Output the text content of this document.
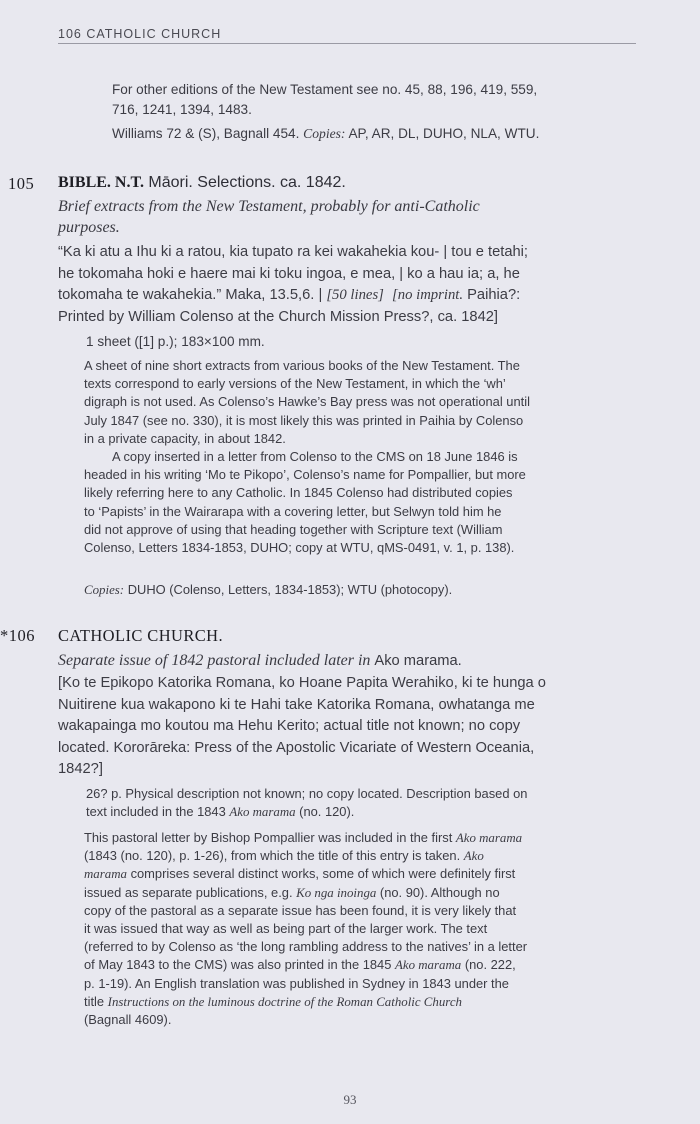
106 CATHOLIC CHURCH
For other editions of the New Testament see no. 45, 88, 196, 419, 559,
716, 1241, 1394, 1483.
Williams 72 & (S), Bagnall 454. Copies: AP, AR, DL, DUHO, NLA, WTU.
105 BIBLE. N.T. Māori. Selections. ca. 1842.
Brief extracts from the New Testament, probably for anti-Catholic
purposes.
“Ka ki atu a Ihu ki a ratou, kia tupato ra kei wakahekia kou- | tou e tetahi;
he tokomaha hoki e haere mai ki toku ingoa, e mea, | ko a hau ia; a, he
tokomaha te wakahekia.” Maka, 13.5,6. | [50 lines] [no imprint. Paihia?:
Printed by William Colenso at the Church Mission Press?, ca. 1842]
1 sheet ([1] p.); 183×100 mm.
A sheet of nine short extracts from various books of the New Testament. The
texts correspond to early versions of the New Testament, in which the ‘wh’
digraph is not used. As Colenso’s Hawke’s Bay press was not operational until
July 1847 (see no. 330), it is most likely this was printed in Paihia by Colenso
in a private capacity, in about 1842.
A copy inserted in a letter from Colenso to the CMS on 18 June 1846 is
headed in his writing ‘Mo te Pikopo’, Colenso’s name for Pompallier, but more
likely referring here to any Catholic. In 1845 Colenso had distributed copies
to ‘Papists’ in the Wairarapa with a covering letter, but Selwyn told him he
did not approve of using that heading together with Scripture text (William
Colenso, Letters 1834-1853, DUHO; copy at WTU, qMS-0491, v. 1, p. 138).
Copies: DUHO (Colenso, Letters, 1834-1853); WTU (photocopy).
*106 CATHOLIC CHURCH.
Separate issue of 1842 pastoral included later in Ako marama.
[Ko te Epikopo Katorika Romana, ko Hoane Papita Werahiko, ki te hunga o
Nuitirene kua wakapono ki te Hahi take Katorika Romana, owhatanga me
wakapainga mo koutou ma Hehu Kerito; actual title not known; no copy
located. Kororāreka: Press of the Apostolic Vicariate of Western Oceania,
1842?]
26? p. Physical description not known; no copy located. Description based on
text included in the 1843 Ako marama (no. 120).
This pastoral letter by Bishop Pompallier was included in the first Ako marama
(1843 (no. 120), p. 1-26), from which the title of this entry is taken. Ako
marama comprises several distinct works, some of which were definitely first
issued as separate publications, e.g. Ko nga inoinga (no. 90). Although no
copy of the pastoral as a separate issue has been found, it is very likely that
it was issued that way as well as being part of the larger work. The text
(referred to by Colenso as ‘the long rambling address to the natives’ in a letter
of May 1843 to the CMS) was also printed in the 1845 Ako marama (no. 222,
p. 1-19). An English translation was published in Sydney in 1843 under the
title Instructions on the luminous doctrine of the Roman Catholic Church
(Bagnall 4609).
93
